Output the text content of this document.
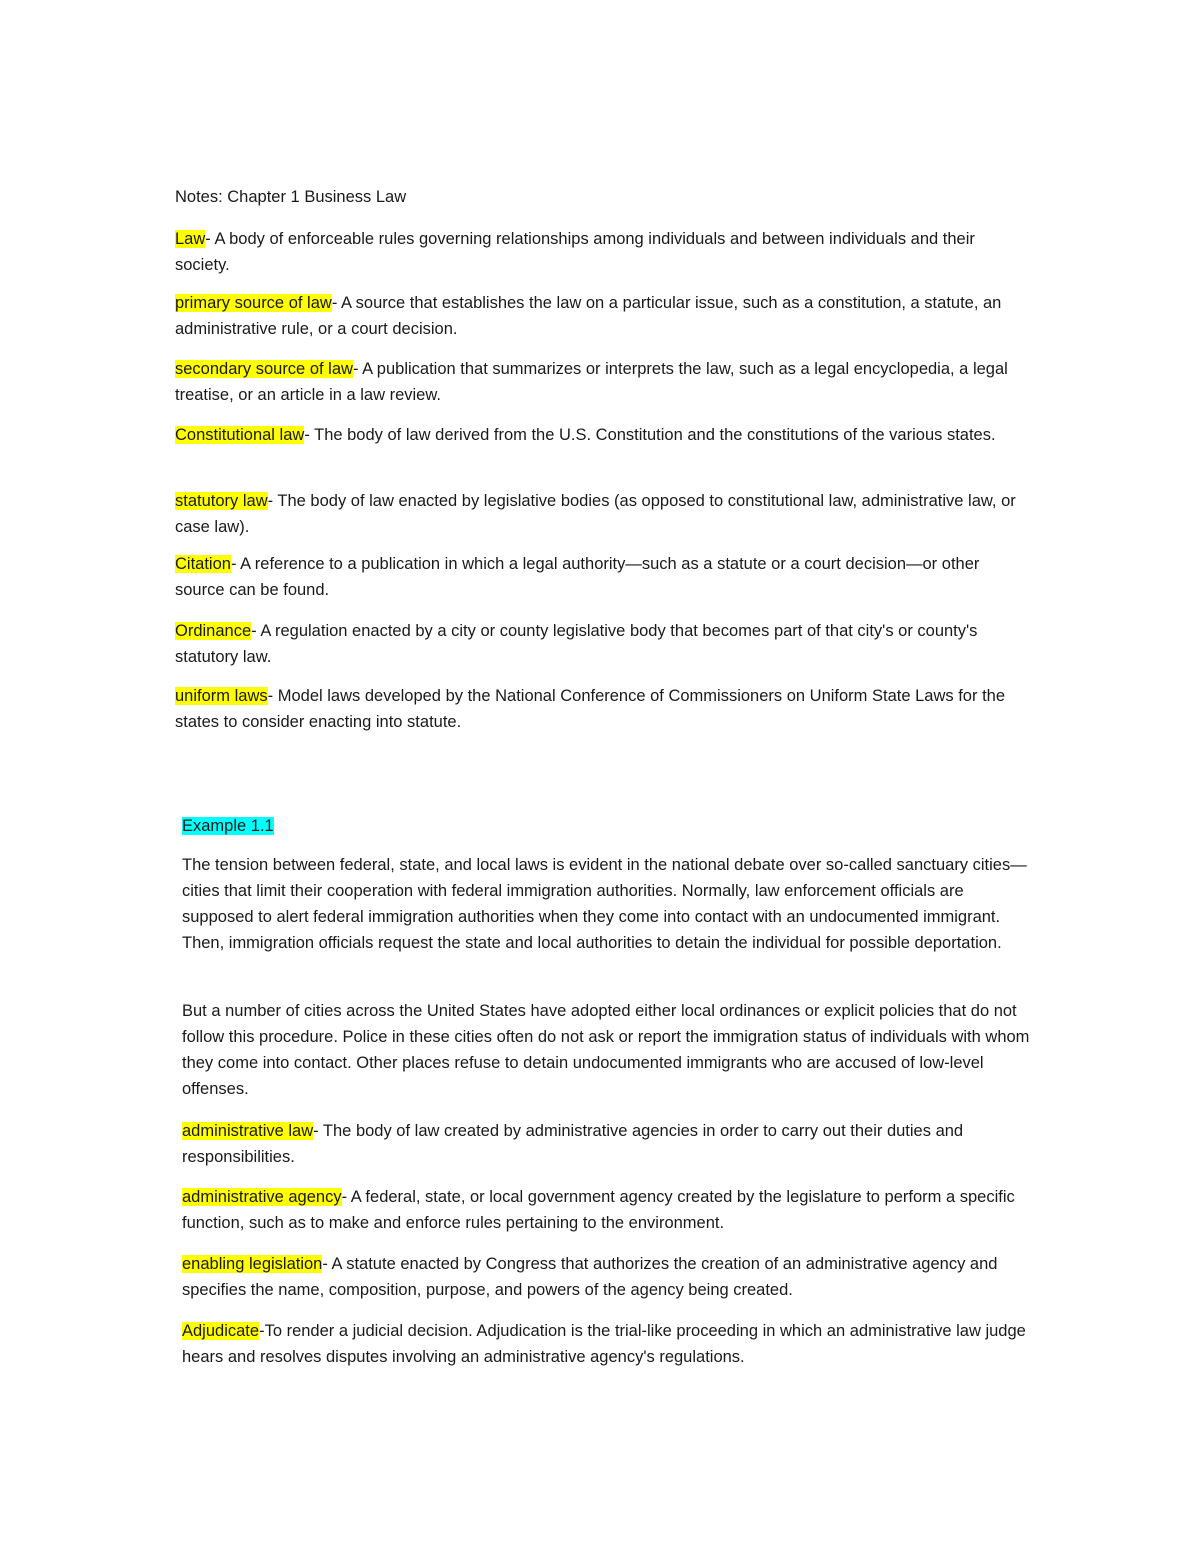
Notes: Chapter 1 Business Law

Law- A body of enforceable rules governing relationships among individuals and between individuals and their society.

primary source of law- A source that establishes the law on a particular issue, such as a constitution, a statute, an administrative rule, or a court decision.

secondary source of law- A publication that summarizes or interprets the law, such as a legal encyclopedia, a legal treatise, or an article in a law review.

Constitutional law- The body of law derived from the U.S. Constitution and the constitutions of the various states.

statutory law- The body of law enacted by legislative bodies (as opposed to constitutional law, administrative law, or case law).

Citation- A reference to a publication in which a legal authority—such as a statute or a court decision—or other source can be found.

Ordinance- A regulation enacted by a city or county legislative body that becomes part of that city's or county's statutory law.

uniform laws- Model laws developed by the National Conference of Commissioners on Uniform State Laws for the states to consider enacting into statute.

Example 1.1

The tension between federal, state, and local laws is evident in the national debate over so-called sanctuary cities—cities that limit their cooperation with federal immigration authorities. Normally, law enforcement officials are supposed to alert federal immigration authorities when they come into contact with an undocumented immigrant. Then, immigration officials request the state and local authorities to detain the individual for possible deportation.

But a number of cities across the United States have adopted either local ordinances or explicit policies that do not follow this procedure. Police in these cities often do not ask or report the immigration status of individuals with whom they come into contact. Other places refuse to detain undocumented immigrants who are accused of low-level offenses.

administrative law- The body of law created by administrative agencies in order to carry out their duties and responsibilities.

administrative agency- A federal, state, or local government agency created by the legislature to perform a specific function, such as to make and enforce rules pertaining to the environment.

enabling legislation- A statute enacted by Congress that authorizes the creation of an administrative agency and specifies the name, composition, purpose, and powers of the agency being created.

Adjudicate-To render a judicial decision. Adjudication is the trial-like proceeding in which an administrative law judge hears and resolves disputes involving an administrative agency's regulations.
